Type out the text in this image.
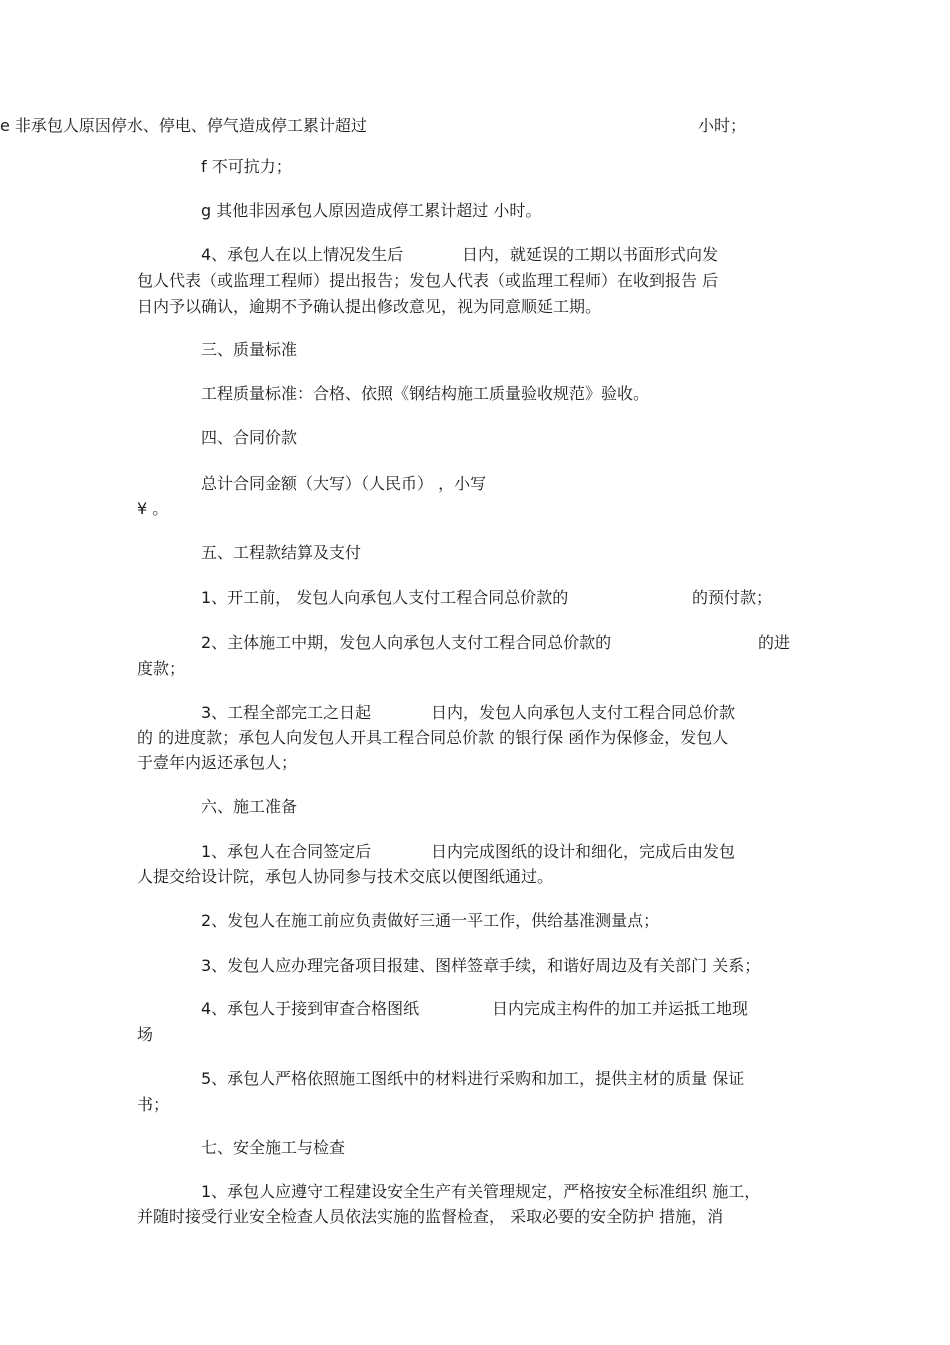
e 非承包人原因停水、停电、停气造成停工累计超过	小时；
f 不可抗力；
g 其他非因承包人原因造成停工累计超过 小时。
4、承包人在以上情况发生后	日内，就延误的工期以书面形式向发
包人代表（或监理工程师）提出报告；发包人代表（或监理工程师）在收到报告 后
日内予以确认，逾期不予确认提出修改意见，视为同意顺延工期。
三、质量标准
工程质量标准：合格、依照《钢结构施工质量验收规范》验收。
四、合同价款
总计合同金额（大写）（人民币） ，小写
¥ 。
五、工程款结算及支付
1、开工前， 发包人向承包人支付工程合同总价款的	的预付款；
2、主体施工中期，发包人向承包人支付工程合同总价款的	的进
度款；
3、工程全部完工之日起	日内，发包人向承包人支付工程合同总价款
的 的进度款；承包人向发包人开具工程合同总价款 的银行保 函作为保修金，发包人
于壹年内返还承包人；
六、施工准备
1、承包人在合同签定后	日内完成图纸的设计和细化，完成后由发包
人提交给设计院，承包人协同参与技术交底以便图纸通过。
2、发包人在施工前应负责做好三通一平工作，供给基准测量点；
3、发包人应办理完备项目报建、图样签章手续，和谐好周边及有关部门 关系；
4、承包人于接到审查合格图纸	日内完成主构件的加工并运抵工地现
场
5、承包人严格依照施工图纸中的材料进行采购和加工，提供主材的质量 保证
书；
七、安全施工与检查
1、承包人应遵守工程建设安全生产有关管理规定，严格按安全标准组织 施工，
并随时接受行业安全检查人员依法实施的监督检查， 采取必要的安全防护 措施，消
